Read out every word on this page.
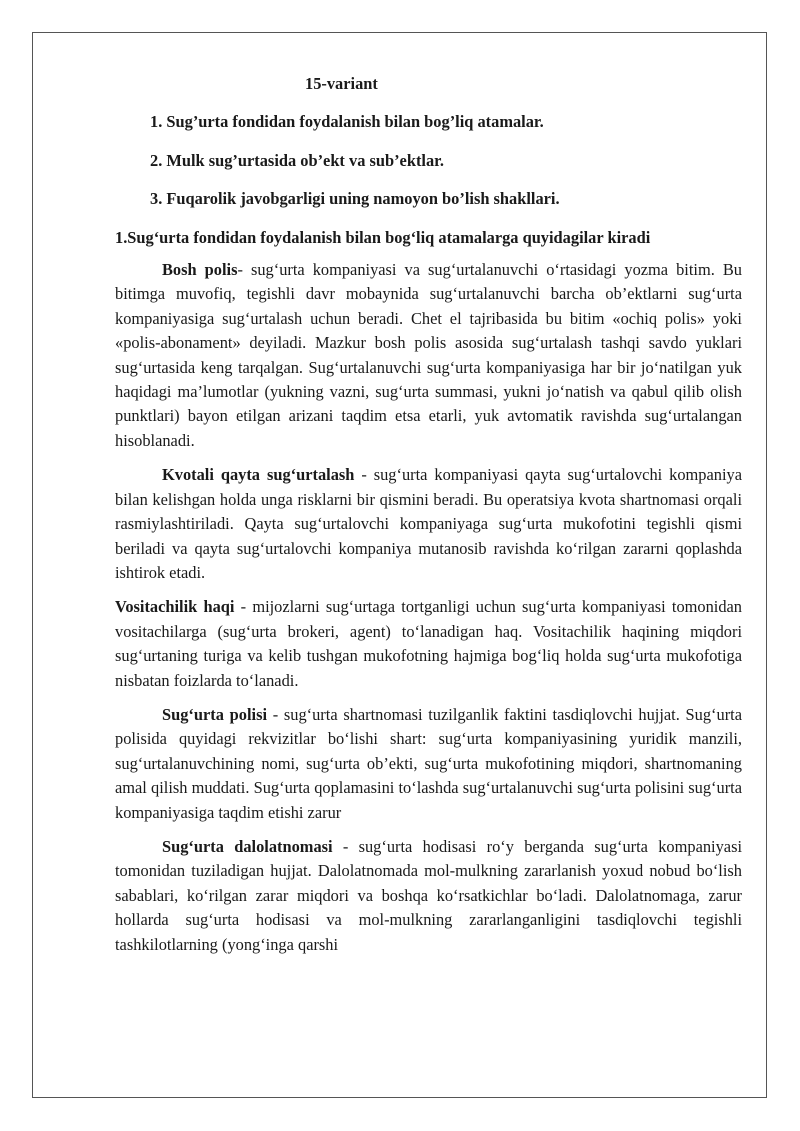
15-variant

1. Sug’urta fondidan foydalanish bilan bog’liq atamalar.

2. Mulk sug’urtasida ob’ekt va sub’ektlar.

3. Fuqarolik javobgarligi uning namoyon bo’lish shakllari.

1.Sug‘urta fondidan foydalanish bilan bog‘liq atamalarga quyidagilar kiradi

Bosh polis- sug‘urta kompaniyasi va sug‘urtalanuvchi o‘rtasidagi yozma bitim. Bu bitimga muvofiq, tegishli davr mobaynida sug‘urtalanuvchi barcha ob’ektlarni sug‘urta kompaniyasiga sug‘urtalash uchun beradi. Chet el tajribasida bu bitim «ochiq polis» yoki «polis-abonament» deyiladi. Mazkur bosh polis asosida sug‘urtalash tashqi savdo yuklari sug‘urtasida keng tarqalgan. Sug‘urtalanuvchi sug‘urta kompaniyasiga har bir jo‘natilgan yuk haqidagi ma’lumotlar (yukning vazni, sug‘urta summasi, yukni jo‘natish va qabul qilib olish punktlari) bayon etilgan arizani taqdim etsa etarli, yuk avtomatik ravishda sug‘urtalangan hisoblanadi.

Kvotali qayta sug‘urtalash - sug‘urta kompaniyasi qayta sug‘urtalovchi kompaniya bilan kelishgan holda unga risklarni bir qismini beradi. Bu operatsiya kvota shartnomasi orqali rasmiylashtiriladi. Qayta sug‘urtalovchi kompaniyaga sug‘urta mukofotini tegishli qismi beriladi va qayta sug‘urtalovchi kompaniya mutanosib ravishda ko‘rilgan zararni qoplashda ishtirok etadi.

Vositachilik haqi - mijozlarni sug‘urtaga tortganligi uchun sug‘urta kompaniyasi tomonidan vositachilarga (sug‘urta brokeri, agent) to‘lanadigan haq. Vositachilik haqining miqdori sug‘urtaning turiga va kelib tushgan mukofotning hajmiga bog‘liq holda sug‘urta mukofotiga nisbatan foizlarda to‘lanadi.

Sug‘urta polisi - sug‘urta shartnomasi tuzilganlik faktini tasdiqlovchi hujjat. Sug‘urta polisida quyidagi rekvizitlar bo‘lishi shart: sug‘urta kompaniyasining yuridik manzili, sug‘urtalanuvchining nomi, sug‘urta ob’ekti, sug‘urta mukofotining miqdori, shartnomaning amal qilish muddati. Sug‘urta qoplamasini to‘lashda sug‘urtalanuvchi sug‘urta polisini sug‘urta kompaniyasiga taqdim etishi zarur

Sug‘urta dalolatnomasi - sug‘urta hodisasi ro‘y berganda sug‘urta kompaniyasi tomonidan tuziladigan hujjat. Dalolatnomada mol-mulkning zararlanish yoxud nobud bo‘lish sabablari, ko‘rilgan zarar miqdori va boshqa ko‘rsatkichlar bo‘ladi. Dalolatnomaga, zarur hollarda sug‘urta hodisasi va mol-mulkning zararlanganligini tasdiqlovchi tegishli tashkilotlarning (yong‘inga qarshi
